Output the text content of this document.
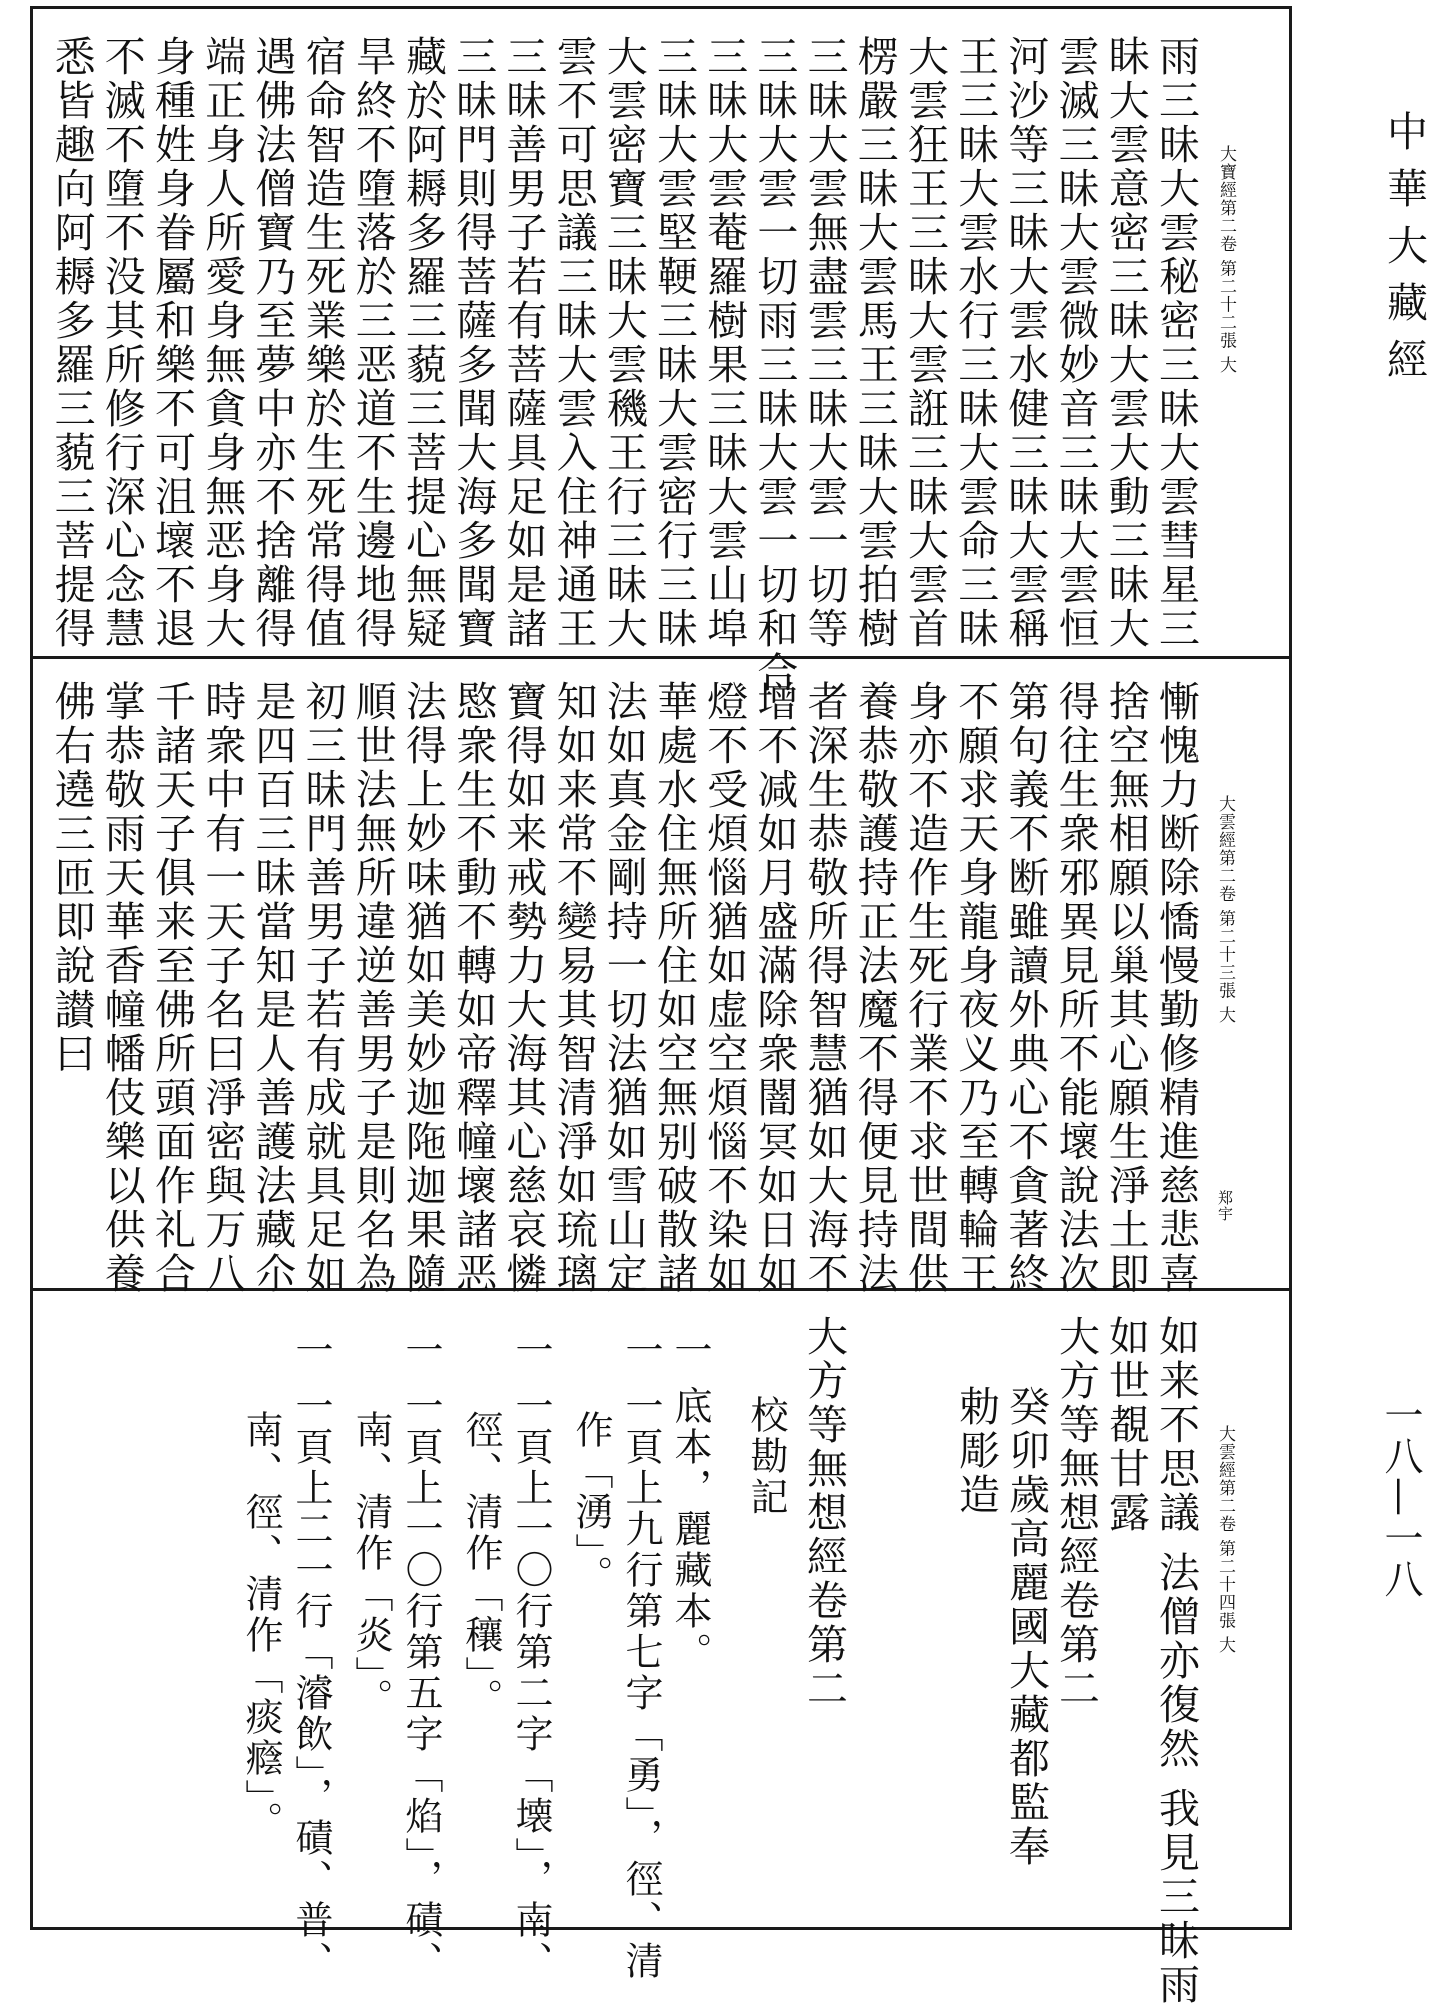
中華大藏經
一八—一八
雨三昧大雲秘密三昧大雲彗星三
眛大雲意密三昧大雲大動三昧大
雲滅三昧大雲微妙音三昧大雲恒
河沙等三昧大雲水健三昧大雲稱
王三昧大雲水行三昧大雲命三昧
大雲狂王三昧大雲誑三昧大雲首
楞嚴三昧大雲馬王三昧大雲拍樹
三昧大雲無盡雲三昧大雲一切等
三昧大雲一切雨三昧大雲一切和合
三昧大雲菴羅樹果三昧大雲山埠
三昧大雲堅鞕三昧大雲密行三昧
大雲密寶三昧大雲穖王行三昧大
雲不可思議三昧大雲入住神通王
三昧善男子若有菩薩具足如是諸
三昧門則得菩薩多聞大海多聞寶
藏於阿耨多羅三藐三菩提心無疑
旱終不墮落於三恶道不生邊地得
宿命智造生死業樂於生死常得值
遇佛法僧寶乃至夢中亦不捨離得
端正身人所愛身無貪身無恶身大
身種姓身眷屬和樂不可沮壞不退
不滅不墮不没其所修行深心念慧
悉皆趣向阿耨多羅三藐三菩提得	大寶經第二卷 第二十二張 大
慚愧力断除憍慢勤修精進慈悲喜
捨空無相願以巢其心願生淨土即
得往生衆邪異見所不能壞說法次
第句義不断雖讀外典心不貪著終
不願求天身龍身夜义乃至轉輪王
身亦不造作生死行業不求世間供
養恭敬護持正法魔不得便見持法
者深生恭敬所得智慧猶如大海不
增不减如月盛滿除衆闇冥如日如
燈不受煩惱猶如虚空煩惱不染如
華處水住無所住如空無别破散諸
法如真金剛持一切法猶如雪山定
知如来常不變易其智清淨如琉璃
寶得如来戒勢力大海其心慈哀憐
愍衆生不動不轉如帝釋幢壞諸恶
法得上妙味猶如美妙迦陁迦果隨
順世法無所違逆善男子是則名為
初三昧門善男子若有成就具足如
是四百三昧當知是人善護法藏尒
時衆中有一天子名曰淨密與万八
千諸天子俱来至佛所頭面作礼合
掌恭敬雨天華香幢幡伎樂以供養
佛右遶三匝即說讃曰	大雲經第二卷 第二十三張 大
郑宇
如来不思議 法僧亦復然 我見三昧雨
如世覩甘露
大方等無想經卷第二
癸卯歲高麗國大藏都監奉
勅彫造
大方等無想經卷第二
校勘記
一 底本，麗藏本。
一 一頁上九行第七字「勇」，徑、清
作「湧」。
一 一頁上一〇行第二字「壊」，南、
徑、清作「穰」。
一 一頁上一〇行第五字「焰」，磧、
南、清作「炎」。
一 一頁上二一行「濬飲」，磧、普、
南、徑、清作「痰癊」。	大雲經第二卷 第二十四張 大
